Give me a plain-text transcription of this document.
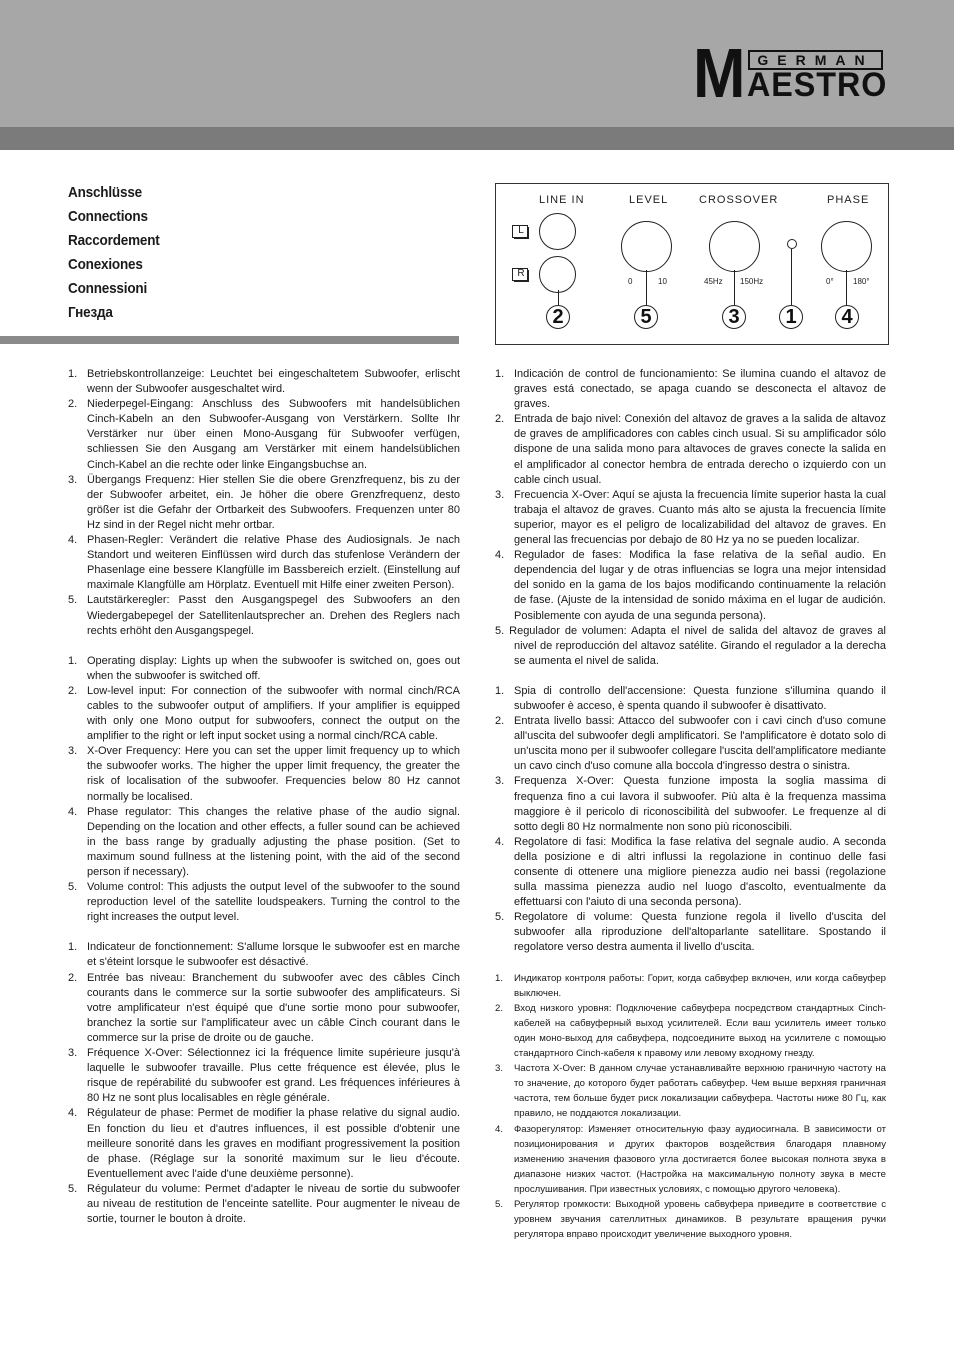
M GERMAN
AESTRO
Anschlüsse
Connections
Raccordement
Conexiones
Connessioni
Гнезда
LINE IN	LEVEL	CROSSOVER	PHASE
L
R
0	10	45Hz 150Hz	0° 180°
2	5	3	1	4
1. Betriebskontrollanzeige: Leuchtet bei eingeschaltetem Subwoofer, erlischt wenn der Subwoofer ausgeschaltet wird.
2. Niederpegel-Eingang: Anschluss des Subwoofers mit handelsüblichen Cinch-Kabeln an den Subwoofer-Ausgang von Verstärkern. Sollte Ihr Verstärker nur über einen Mono-Ausgang für Subwoofer verfügen, schliessen Sie den Ausgang am Verstärker mit einem handelsüblichen Cinch-Kabel an die rechte oder linke Eingangsbuchse an.
3. Übergangs Frequenz: Hier stellen Sie die obere Grenzfrequenz, bis zu der der Subwoofer arbeitet, ein. Je höher die obere Grenzfrequenz, desto größer ist die Gefahr der Ortbarkeit des Subwoofers. Frequenzen unter 80 Hz sind in der Regel nicht mehr ortbar.
4. Phasen-Regler: Verändert die relative Phase des Audiosignals. Je nach Standort und weiteren Einflüssen wird durch das stufenlose Verändern der Phasenlage eine bessere Klangfülle im Bassbereich erzielt. (Einstellung auf maximale Klangfülle am Hörplatz. Eventuell mit Hilfe einer zweiten Person).
5. Lautstärkeregler: Passt den Ausgangspegel des Subwoofers an den Wiedergabepegel der Satellitenlautsprecher an. Drehen des Reglers nach rechts erhöht den Ausgangspegel.
1. Operating display: Lights up when the subwoofer is switched on, goes out when the subwoofer is switched off.
2. Low-level input: For connection of the subwoofer with normal cinch/RCA cables to the subwoofer output of amplifiers. If your amplifier is equipped with only one Mono output for subwoofers, connect the output on the amplifier to the right or left input socket using a normal cinch/RCA cable.
3. X-Over Frequency: Here you can set the upper limit frequency up to which the subwoofer works. The higher the upper limit frequency, the greater the risk of localisation of the subwoofer. Frequencies below 80 Hz cannot normally be localised.
4. Phase regulator: This changes the relative phase of the audio signal. Depending on the location and other effects, a fuller sound can be achieved in the bass range by gradually adjusting the phase position. (Set to maximum sound fullness at the listening point, with the aid of the second person if necessary).
5. Volume control: This adjusts the output level of the subwoofer to the sound reproduction level of the satellite loudspeakers. Turning the control to the right increases the output level.
1. Indicateur de fonctionnement: S'allume lorsque le subwoofer est en marche et s'éteint lorsque le subwoofer est désactivé.
2. Entrée bas niveau: Branchement du subwoofer avec des câbles Cinch courants dans le commerce sur la sortie subwoofer des amplificateurs. Si votre amplificateur n'est équipé que d'une sortie mono pour subwoofer, branchez la sortie sur l'amplificateur avec un câble Cinch courant dans le commerce sur la prise de droite ou de gauche.
3. Fréquence X-Over: Sélectionnez ici la fréquence limite supérieure jusqu'à laquelle le subwoofer travaille. Plus cette fréquence est élevée, plus le risque de repérabilité du subwoofer est grand. Les fréquences inférieures à 80 Hz ne sont plus localisables en règle générale.
4. Régulateur de phase: Permet de modifier la phase relative du signal audio. En fonction du lieu et d'autres influences, il est possible d'obtenir une meilleure sonorité dans les graves en modifiant progressivement la position de phase. (Réglage sur la sonorité maximum sur le lieu d'écoute. Eventuellement avec l'aide d'une deuxième personne).
5. Régulateur du volume: Permet d'adapter le niveau de sortie du subwoofer au niveau de restitution de l'enceinte satellite. Pour augmenter le niveau de sortie, tourner le bouton à droite.
1. Indicación de control de funcionamiento: Se ilumina cuando el altavoz de graves está conectado, se apaga cuando se desconecta el altavoz de graves.
2. Entrada de bajo nivel: Conexión del altavoz de graves a la salida de altavoz de graves de amplificadores con cables cinch usual. Si su amplificador sólo dispone de una salida mono para altavoces de graves conecte la salida en el amplificador al conector hembra de entrada derecho o izquierdo con un cable cinch usual.
3. Frecuencia X-Over: Aquí se ajusta la frecuencia límite superior hasta la cual trabaja el altavoz de graves. Cuanto más alto se ajusta la frecuencia límite superior, mayor es el peligro de localizabilidad del altavoz de graves. En general las frecuencias por debajo de 80 Hz ya no se pueden localizar.
4. Regulador de fases: Modifica la fase relativa de la señal audio. En dependencia del lugar y de otras influencias se logra una mejor intensidad del sonido en la gama de los bajos modificando continuamente la relación de fase. (Ajuste de la intensidad de sonido máxima en el lugar de audición. Posiblemente con ayuda de una segunda persona).
5. Regulador de volumen: Adapta el nivel de salida del altavoz de graves al nivel de reproducción del altavoz satélite. Girando el regulador a la derecha se aumenta el nivel de salida.
1. Spia di controllo dell'accensione: Questa funzione s'illumina quando il subwoofer è acceso, è spenta quando il subwoofer è disattivato.
2. Entrata livello bassi: Attacco del subwoofer con i cavi cinch d'uso comune all'uscita del subwoofer degli amplificatori. Se l'amplificatore è dotato solo di un'uscita mono per il subwoofer collegare l'uscita dell'amplificatore mediante un cavo cinch d'uso comune alla boccola d'ingresso destra o sinistra.
3. Frequenza X-Over: Questa funzione imposta la soglia massima di frequenza fino a cui lavora il subwoofer. Più alta è la frequenza massima maggiore è il pericolo di riconoscibilità del subwoofer. Le frequenze al di sotto degli 80 Hz normalmente non sono più riconoscibili.
4. Regolatore di fasi: Modifica la fase relativa del segnale audio. A seconda della posizione e di altri influssi la regolazione in continuo delle fasi consente di ottenere una migliore pienezza audio nei bassi (regolazione sulla massima pienezza audio nel luogo d'ascolto, eventualmente da effettuarsi con l'aiuto di una seconda persona).
5. Regolatore di volume: Questa funzione regola il livello d'uscita del subwoofer alla riproduzione dell'altoparlante satellitare. Spostando il regolatore verso destra aumenta il livello d'uscita.
1. Индикатор контроля работы: Горит, когда сабвуфер включен, или когда сабвуфер выключен.
2. Вход низкого уровня: Подключение сабвуфера посредством стандартных Cinch-кабелей на сабвуферный выход усилителей. Если ваш усилитель имеет только один моно-выход для сабвуфера, подсоедините выход на усилителе с помощью стандартного Cinch-кабеля к правому или левому входному гнезду.
3. Частота X-Over: В данном случае устанавливайте верхнюю граничную частоту на то значение, до которого будет работать сабвуфер. Чем выше верхняя граничная частота, тем больше будет риск локализации сабвуфера. Частоты ниже 80 Гц, как правило, не поддаются локализации.
4. Фазорегулятор: Изменяет относительную фазу аудиосигнала. В зависимости от позиционирования и других факторов воздействия благодаря плавному изменению значения фазового угла достигается более высокая полнота звука в диапазоне низких частот. (Настройка на максимальную полноту звука в месте прослушивания. При известных условиях, с помощью другого человека).
5. Регулятор громкости: Выходной уровень сабвуфера приведите в соответствие с уровнем звучания сателлитных динамиков. В результате вращения ручки регулятора вправо происходит увеличение выходного уровня.
